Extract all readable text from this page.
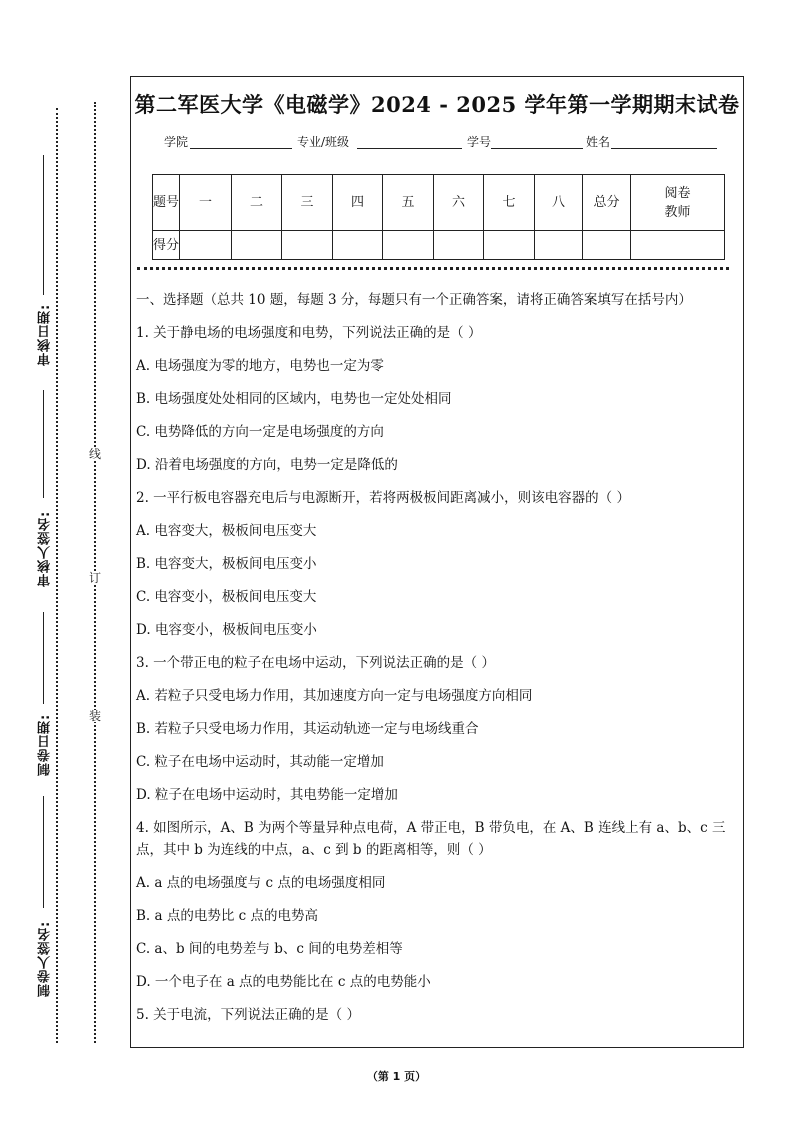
审核日期:
审核人签名:
制卷日期:
制卷人签名:
线
订
装
第二军医大学《电磁学》2024 - 2025 学年第一学期期末试卷
学院	专业/班级	学号	姓名
题号	一	二	三	四	五	六	七	八	总分	阅卷教师
得分										
一、选择题（总共 10 题，每题 3 分，每题只有一个正确答案，请将正确答案填写在括号内）
1. 关于静电场的电场强度和电势，下列说法正确的是（ ）
A. 电场强度为零的地方，电势也一定为零
B. 电场强度处处相同的区域内，电势也一定处处相同
C. 电势降低的方向一定是电场强度的方向
D. 沿着电场强度的方向，电势一定是降低的
2. 一平行板电容器充电后与电源断开，若将两极板间距离减小，则该电容器的（ ）
A. 电容变大，极板间电压变大
B. 电容变大，极板间电压变小
C. 电容变小，极板间电压变大
D. 电容变小，极板间电压变小
3. 一个带正电的粒子在电场中运动，下列说法正确的是（ ）
A. 若粒子只受电场力作用，其加速度方向一定与电场强度方向相同
B. 若粒子只受电场力作用，其运动轨迹一定与电场线重合
C. 粒子在电场中运动时，其动能一定增加
D. 粒子在电场中运动时，其电势能一定增加
4. 如图所示，A、B 为两个等量异种点电荷，A 带正电，B 带负电，在 A、B 连线上有 a、b、c 三点，其中 b 为连线的中点，a、c 到 b 的距离相等，则（ ）
A. a 点的电场强度与 c 点的电场强度相同
B. a 点的电势比 c 点的电势高
C. a、b 间的电势差与 b、c 间的电势差相等
D. 一个电子在 a 点的电势能比在 c 点的电势能小
5. 关于电流，下列说法正确的是（ ）
（第 1 页）
